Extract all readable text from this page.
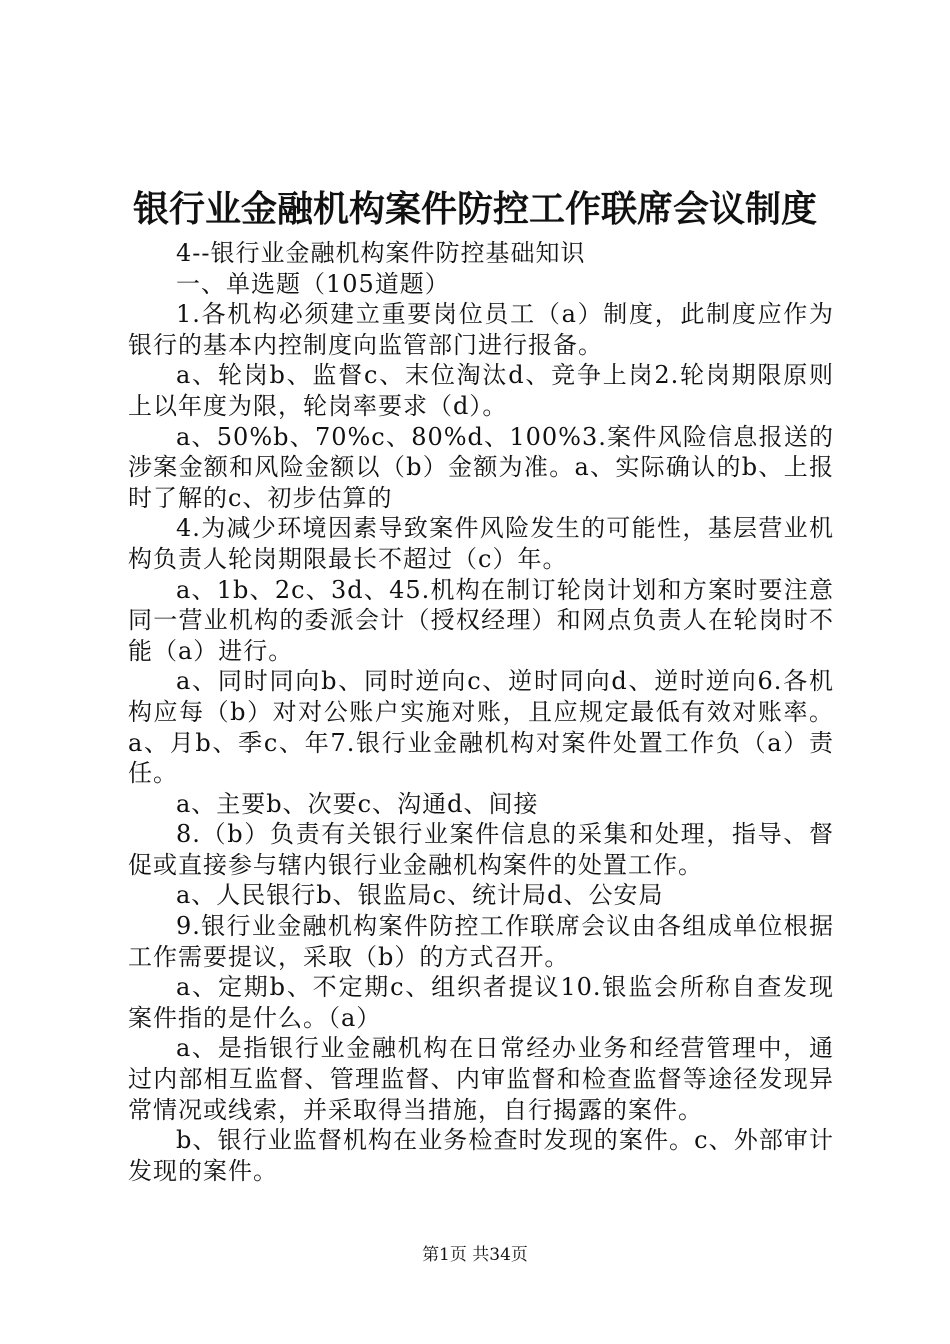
银行业金融机构案件防控工作联席会议制度

4--银行业金融机构案件防控基础知识

一、单选题（105道题）

1.各机构必须建立重要岗位员工（a）制度，此制度应作为银行的基本内控制度向监管部门进行报备。

a、轮岗b、监督c、末位淘汰d、竞争上岗2.轮岗期限原则上以年度为限，轮岗率要求（d）。

a、50%b、70%c、80%d、100%3.案件风险信息报送的涉案金额和风险金额以（b）金额为准。a、实际确认的b、上报时了解的c、初步估算的

4.为减少环境因素导致案件风险发生的可能性，基层营业机构负责人轮岗期限最长不超过（c）年。

a、1b、2c、3d、45.机构在制订轮岗计划和方案时要注意同一营业机构的委派会计（授权经理）和网点负责人在轮岗时不能（a）进行。

a、同时同向b、同时逆向c、逆时同向d、逆时逆向6.各机构应每（b）对对公账户实施对账，且应规定最低有效对账率。a、月b、季c、年7.银行业金融机构对案件处置工作负（a）责任。

a、主要b、次要c、沟通d、间接

8.（b）负责有关银行业案件信息的采集和处理，指导、督促或直接参与辖内银行业金融机构案件的处置工作。

a、人民银行b、银监局c、统计局d、公安局

9.银行业金融机构案件防控工作联席会议由各组成单位根据工作需要提议，采取（b）的方式召开。

a、定期b、不定期c、组织者提议10.银监会所称自查发现案件指的是什么。（a）

a、是指银行业金融机构在日常经办业务和经营管理中，通过内部相互监督、管理监督、内审监督和检查监督等途径发现异常情况或线索，并采取得当措施，自行揭露的案件。

b、银行业监督机构在业务检查时发现的案件。c、外部审计发现的案件。

第1页 共34页
